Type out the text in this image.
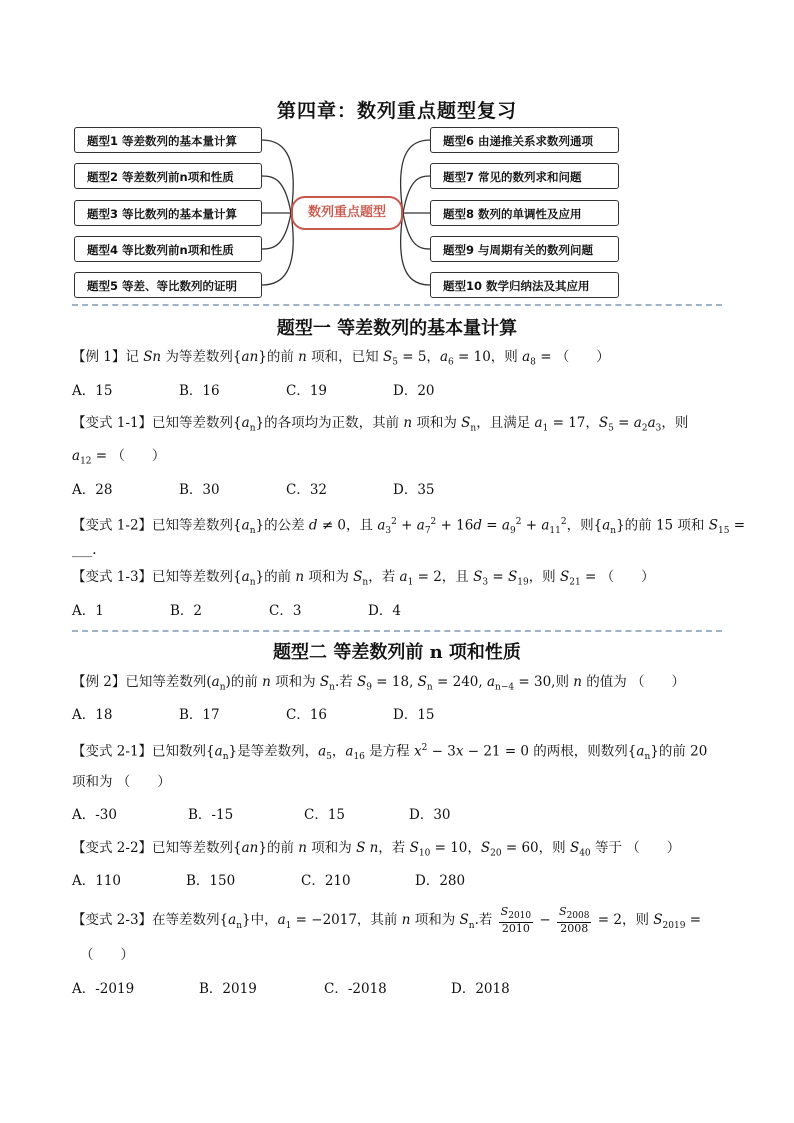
第四章：数列重点题型复习
题型1 等差数列的基本量计算
题型2 等差数列前n项和性质
题型3 等比数列的基本量计算
题型4 等比数列前n项和性质
题型5 等差、等比数列的证明
数列重点题型
题型6 由递推关系求数列通项
题型7 常见的数列求和问题
题型8 数列的单调性及应用
题型9 与周期有关的数列问题
题型10 数学归纳法及其应用
题型一 等差数列的基本量计算
【例 1】记 Sn 为等差数列{an}的前 n 项和，已知 $S_5 = 5$，$a_6 = 10$，则 $a_8$ = （　　）
A．15	B．16	C．19	D．20
【变式 1-1】已知等差数列$\{a_n\}$的各项均为正数，其前 n 项和为 $S_n$，且满足 $a_1 = 17$，$S_5 = a_2a_3$，则
$a_{12}$ = （　　）
A．28	B．30	C．32	D．35
【变式 1-2】已知等差数列$\{a_n\}$的公差 d ≠ 0，且 $a_3^2 + a_7^2 + 16d = a_9^2 + a_{11}^2$，则$\{a_n\}$的前 15 项和 $S_{15}$ =
___.
【变式 1-3】已知等差数列$\{a_n\}$的前 n 项和为 $S_n$，若 $a_1 = 2$，且 $S_3 = S_{19}$，则 $S_{21}$ = （　　）
A．1	B．2	C．3	D．4
题型二 等差数列前 n 项和性质
【例 2】已知等差数列$(a_n)$的前 n 项和为 $S_n$.若 $S_9 = 18$, $S_n = 240$, $a_{n-4} = 30$,则 n 的值为 （　　）
A．18	B．17	C．16	D．15
【变式 2-1】已知数列$\{a_n\}$是等差数列，$a_5$，$a_{16}$ 是方程 $x^2 - 3x - 21 = 0$ 的两根，则数列$\{a_n\}$的前 20
项和为 （　　）
A．-30	B．-15	C．15	D．30
【变式 2-2】已知等差数列{an}的前 n 项和为 S n，若 $S_{10} = 10$，$S_{20} = 60$，则 $S_{40}$ 等于 （　　）
A．110	B．150	C．210	D．280
【变式 2-3】在等差数列$\{a_n\}$中，$a_1 = -2017$，其前 n 项和为 $S_n$.若 $\frac{S_{2010}}{2010} - \frac{S_{2008}}{2008} = 2$，则 $S_{2019}$ =
（　　）
A．-2019	B．2019	C．-2018	D．2018
